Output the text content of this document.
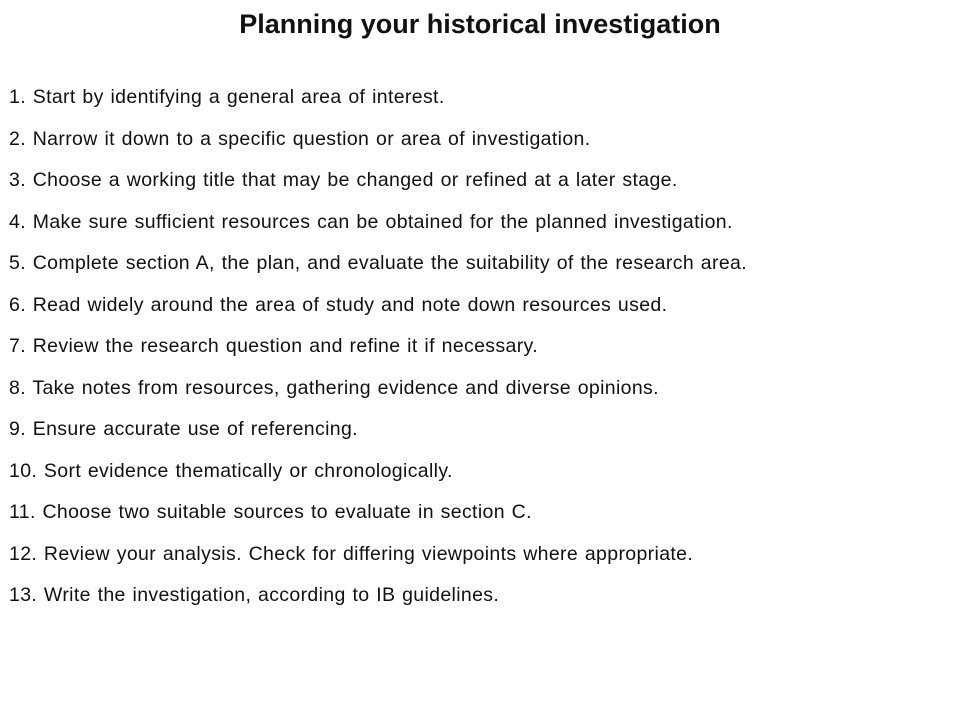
Planning your historical investigation
1. Start by identifying a general area of interest.
2. Narrow it down to a specific question or area of investigation.
3. Choose a working title that may be changed or refined at a later stage.
4. Make sure sufficient resources can be obtained for the planned investigation.
5. Complete section A, the plan, and evaluate the suitability of the research area.
6. Read widely around the area of study and note down resources used.
7. Review the research question and refine it if necessary.
8. Take notes from resources, gathering evidence and diverse opinions.
9. Ensure accurate use of referencing.
10. Sort evidence thematically or chronologically.
11. Choose two suitable sources to evaluate in section C.
12. Review your analysis. Check for differing viewpoints where appropriate.
13. Write the investigation, according to IB guidelines.
